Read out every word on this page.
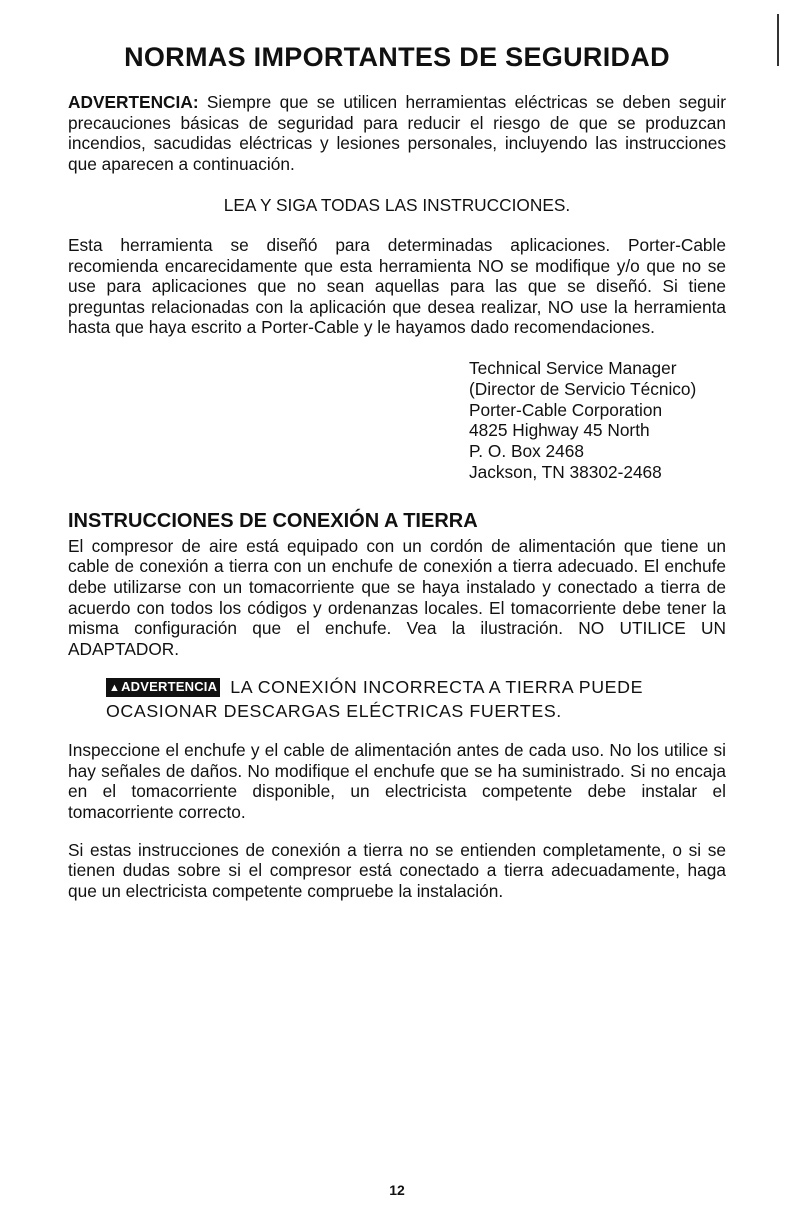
NORMAS IMPORTANTES DE SEGURIDAD

ADVERTENCIA: Siempre que se utilicen herramientas eléctricas se deben seguir precauciones básicas de seguridad para reducir el riesgo de que se produzcan incendios, sacudidas eléctricas y lesiones personales, incluyendo las instrucciones que aparecen a continuación.

LEA Y SIGA TODAS LAS INSTRUCCIONES.

Esta herramienta se diseñó para determinadas aplicaciones. Porter-Cable recomienda encarecidamente que esta herramienta NO se modifique y/o que no se use para aplicaciones que no sean aquellas para las que se diseñó. Si tiene preguntas relacionadas con la aplicación que desea realizar, NO use la herramienta hasta que haya escrito a Porter-Cable y le hayamos dado recomendaciones.

Technical Service Manager
(Director de Servicio Técnico)
Porter-Cable Corporation
4825 Highway 45 North
P. O. Box 2468
Jackson, TN 38302-2468
INSTRUCCIONES DE CONEXIÓN A TIERRA

El compresor de aire está equipado con un cordón de alimentación que tiene un cable de conexión a tierra con un enchufe de conexión a tierra adecuado. El enchufe debe utilizarse con un tomacorriente que se haya instalado y conectado a tierra de acuerdo con todos los códigos y ordenanzas locales. El tomacorriente debe tener la misma configuración que el enchufe. Vea la ilustración. NO UTILICE UN ADAPTADOR.

▲ADVERTENCIA LA CONEXIÓN INCORRECTA A TIERRA PUEDE OCASIONAR DESCARGAS ELÉCTRICAS FUERTES.

Inspeccione el enchufe y el cable de alimentación antes de cada uso. No los utilice si hay señales de daños. No modifique el enchufe que se ha suministrado. Si no encaja en el tomacorriente disponible, un electricista competente debe instalar el tomacorriente correcto.

Si estas instrucciones de conexión a tierra no se entienden completamente, o si se tienen dudas sobre si el compresor está conectado a tierra adecuadamente, haga que un electricista competente compruebe la instalación.

12
